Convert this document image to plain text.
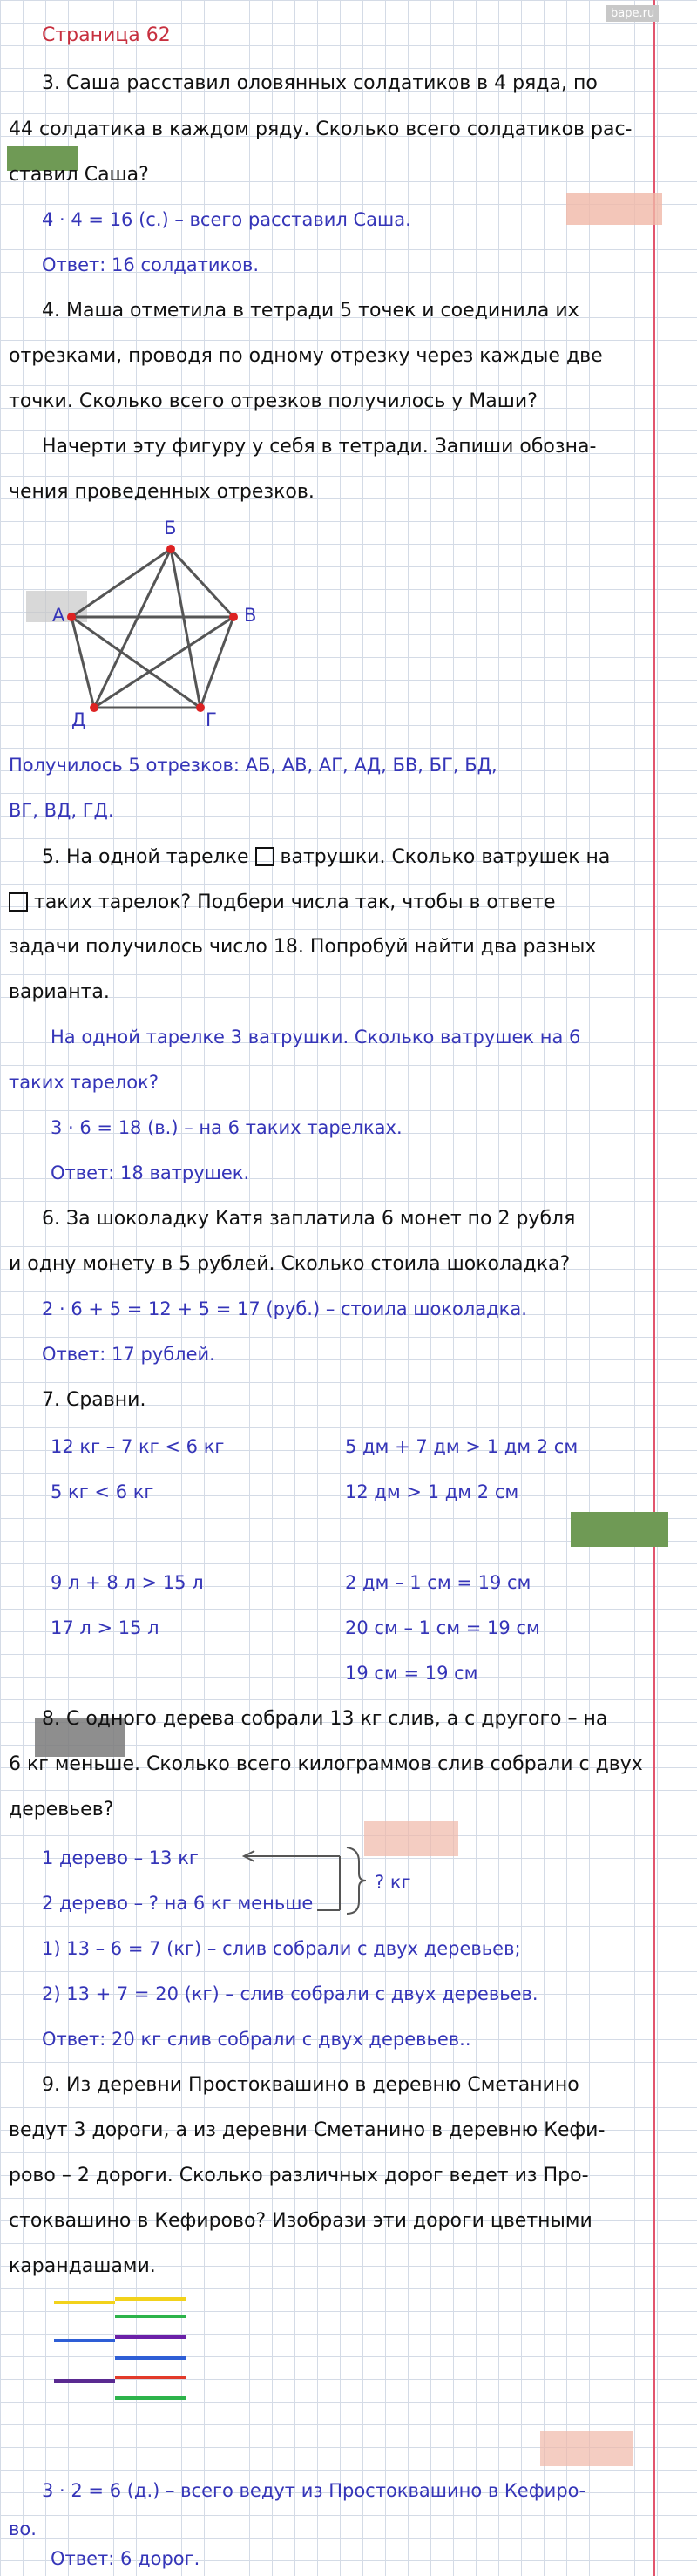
bape.ru
Страница 62
3. Саша расставил оловянных солдатиков в 4 ряда, по
44 солдатика в каждом ряду. Сколько всего солдатиков рас-
ставил Саша?
4 · 4 = 16 (с.) – всего расставил Саша.
Ответ: 16 солдатиков.
4. Маша отметила в тетради 5 точек и соединила их
отрезками, проводя по одному отрезку через каждые две
точки. Сколько всего отрезков получилось у Маши?
Начерти эту фигуру у себя в тетради. Запиши обозна-
чения проведенных отрезков.
Б
А	В
Д	Г
Получилось 5 отрезков: АБ, АВ, АГ, АД, БВ, БГ, БД,
ВГ, ВД, ГД.
5. На одной тарелке ватрушки. Сколько ватрушек на
таких тарелок? Подбери числа так, чтобы в ответе
задачи получилось число 18. Попробуй найти два разных
варианта.
На одной тарелке 3 ватрушки. Сколько ватрушек на 6
таких тарелок?
3 · 6 = 18 (в.) – на 6 таких тарелках.
Ответ: 18 ватрушек.
6. За шоколадку Катя заплатила 6 монет по 2 рубля
и одну монету в 5 рублей. Сколько стоила шоколадка?
2 · 6 + 5 = 12 + 5 = 17 (руб.) – стоила шоколадка.
Ответ: 17 рублей.
7. Сравни.
12 кг – 7 кг < 6 кг
5 кг < 6 кг
9 л + 8 л > 15 л
17 л > 15 л
5 дм + 7 дм > 1 дм 2 см
12 дм > 1 дм 2 см
2 дм – 1 см = 19 см
20 см – 1 см = 19 см
19 см = 19 см
8. С одного дерева собрали 13 кг слив, а с другого – на
6 кг меньше. Сколько всего килограммов слив собрали с двух
деревьев?
1 дерево – 13 кг
2 дерево – ? на 6 кг меньше
? кг
1) 13 – 6 = 7 (кг) – слив собрали с двух деревьев;
2) 13 + 7 = 20 (кг) – слив собрали с двух деревьев.
Ответ: 20 кг слив собрали с двух деревьев..
9. Из деревни Простоквашино в деревню Сметанино
ведут 3 дороги, а из деревни Сметанино в деревню Кефи-
рово – 2 дороги. Сколько различных дорог ведет из Про-
стоквашино в Кефирово? Изобрази эти дороги цветными
карандашами.
3 · 2 = 6 (д.) – всего ведут из Простоквашино в Кефиро-
во.
Ответ: 6 дорог.
